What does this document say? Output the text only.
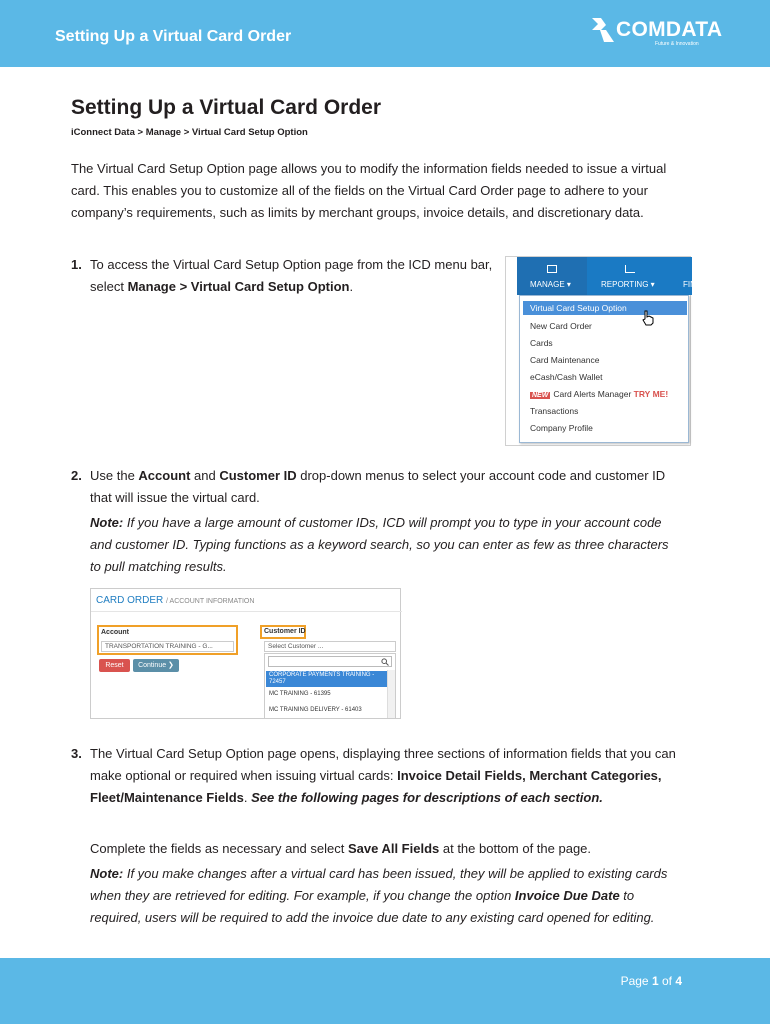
Setting Up a Virtual Card Order	COMDATA
Future & Innovation
Setting Up a Virtual Card Order
iConnect Data > Manage > Virtual Card Setup Option
The Virtual Card Setup Option page allows you to modify the information fields needed to issue a virtual card. This enables you to customize all of the fields on the Virtual Card Order page to adhere to your company’s requirements, such as limits by merchant groups, invoice details, and discretionary data.
1. To access the Virtual Card Setup Option page from the ICD menu bar, select Manage > Virtual Card Setup Option.	MANAGE ▾	REPORTING ▾	FIN
Virtual Card Setup Option
New Card Order
Cards
Card Maintenance
eCash/Cash Wallet
NEW Card Alerts Manager TRY ME!
Transactions
Company Profile
2. Use the Account and Customer ID drop-down menus to select your account code and customer ID that will issue the virtual card.
Note: If you have a large amount of customer IDs, ICD will prompt you to type in your account code and customer ID. Typing functions as a keyword search, so you can enter as few as three characters to pull matching results.
CARD ORDER / ACCOUNT INFORMATION
Account
TRANSPORTATION TRAINING - G...
Reset	Continue ❯
Customer ID
Select Customer ...
CORPORATE PAYMENTS TRAINING - 72457
MC TRAINING - 61395
MC TRAINING DELIVERY - 61403
3. The Virtual Card Setup Option page opens, displaying three sections of information fields that you can make optional or required when issuing virtual cards: Invoice Detail Fields, Merchant Categories, Fleet/Maintenance Fields. See the following pages for descriptions of each section.
Complete the fields as necessary and select Save All Fields at the bottom of the page.
Note: If you make changes after a virtual card has been issued, they will be applied to existing cards when they are retrieved for editing. For example, if you change the option Invoice Due Date to required, users will be required to add the invoice due date to any existing card opened for editing.
Page 1 of 4
